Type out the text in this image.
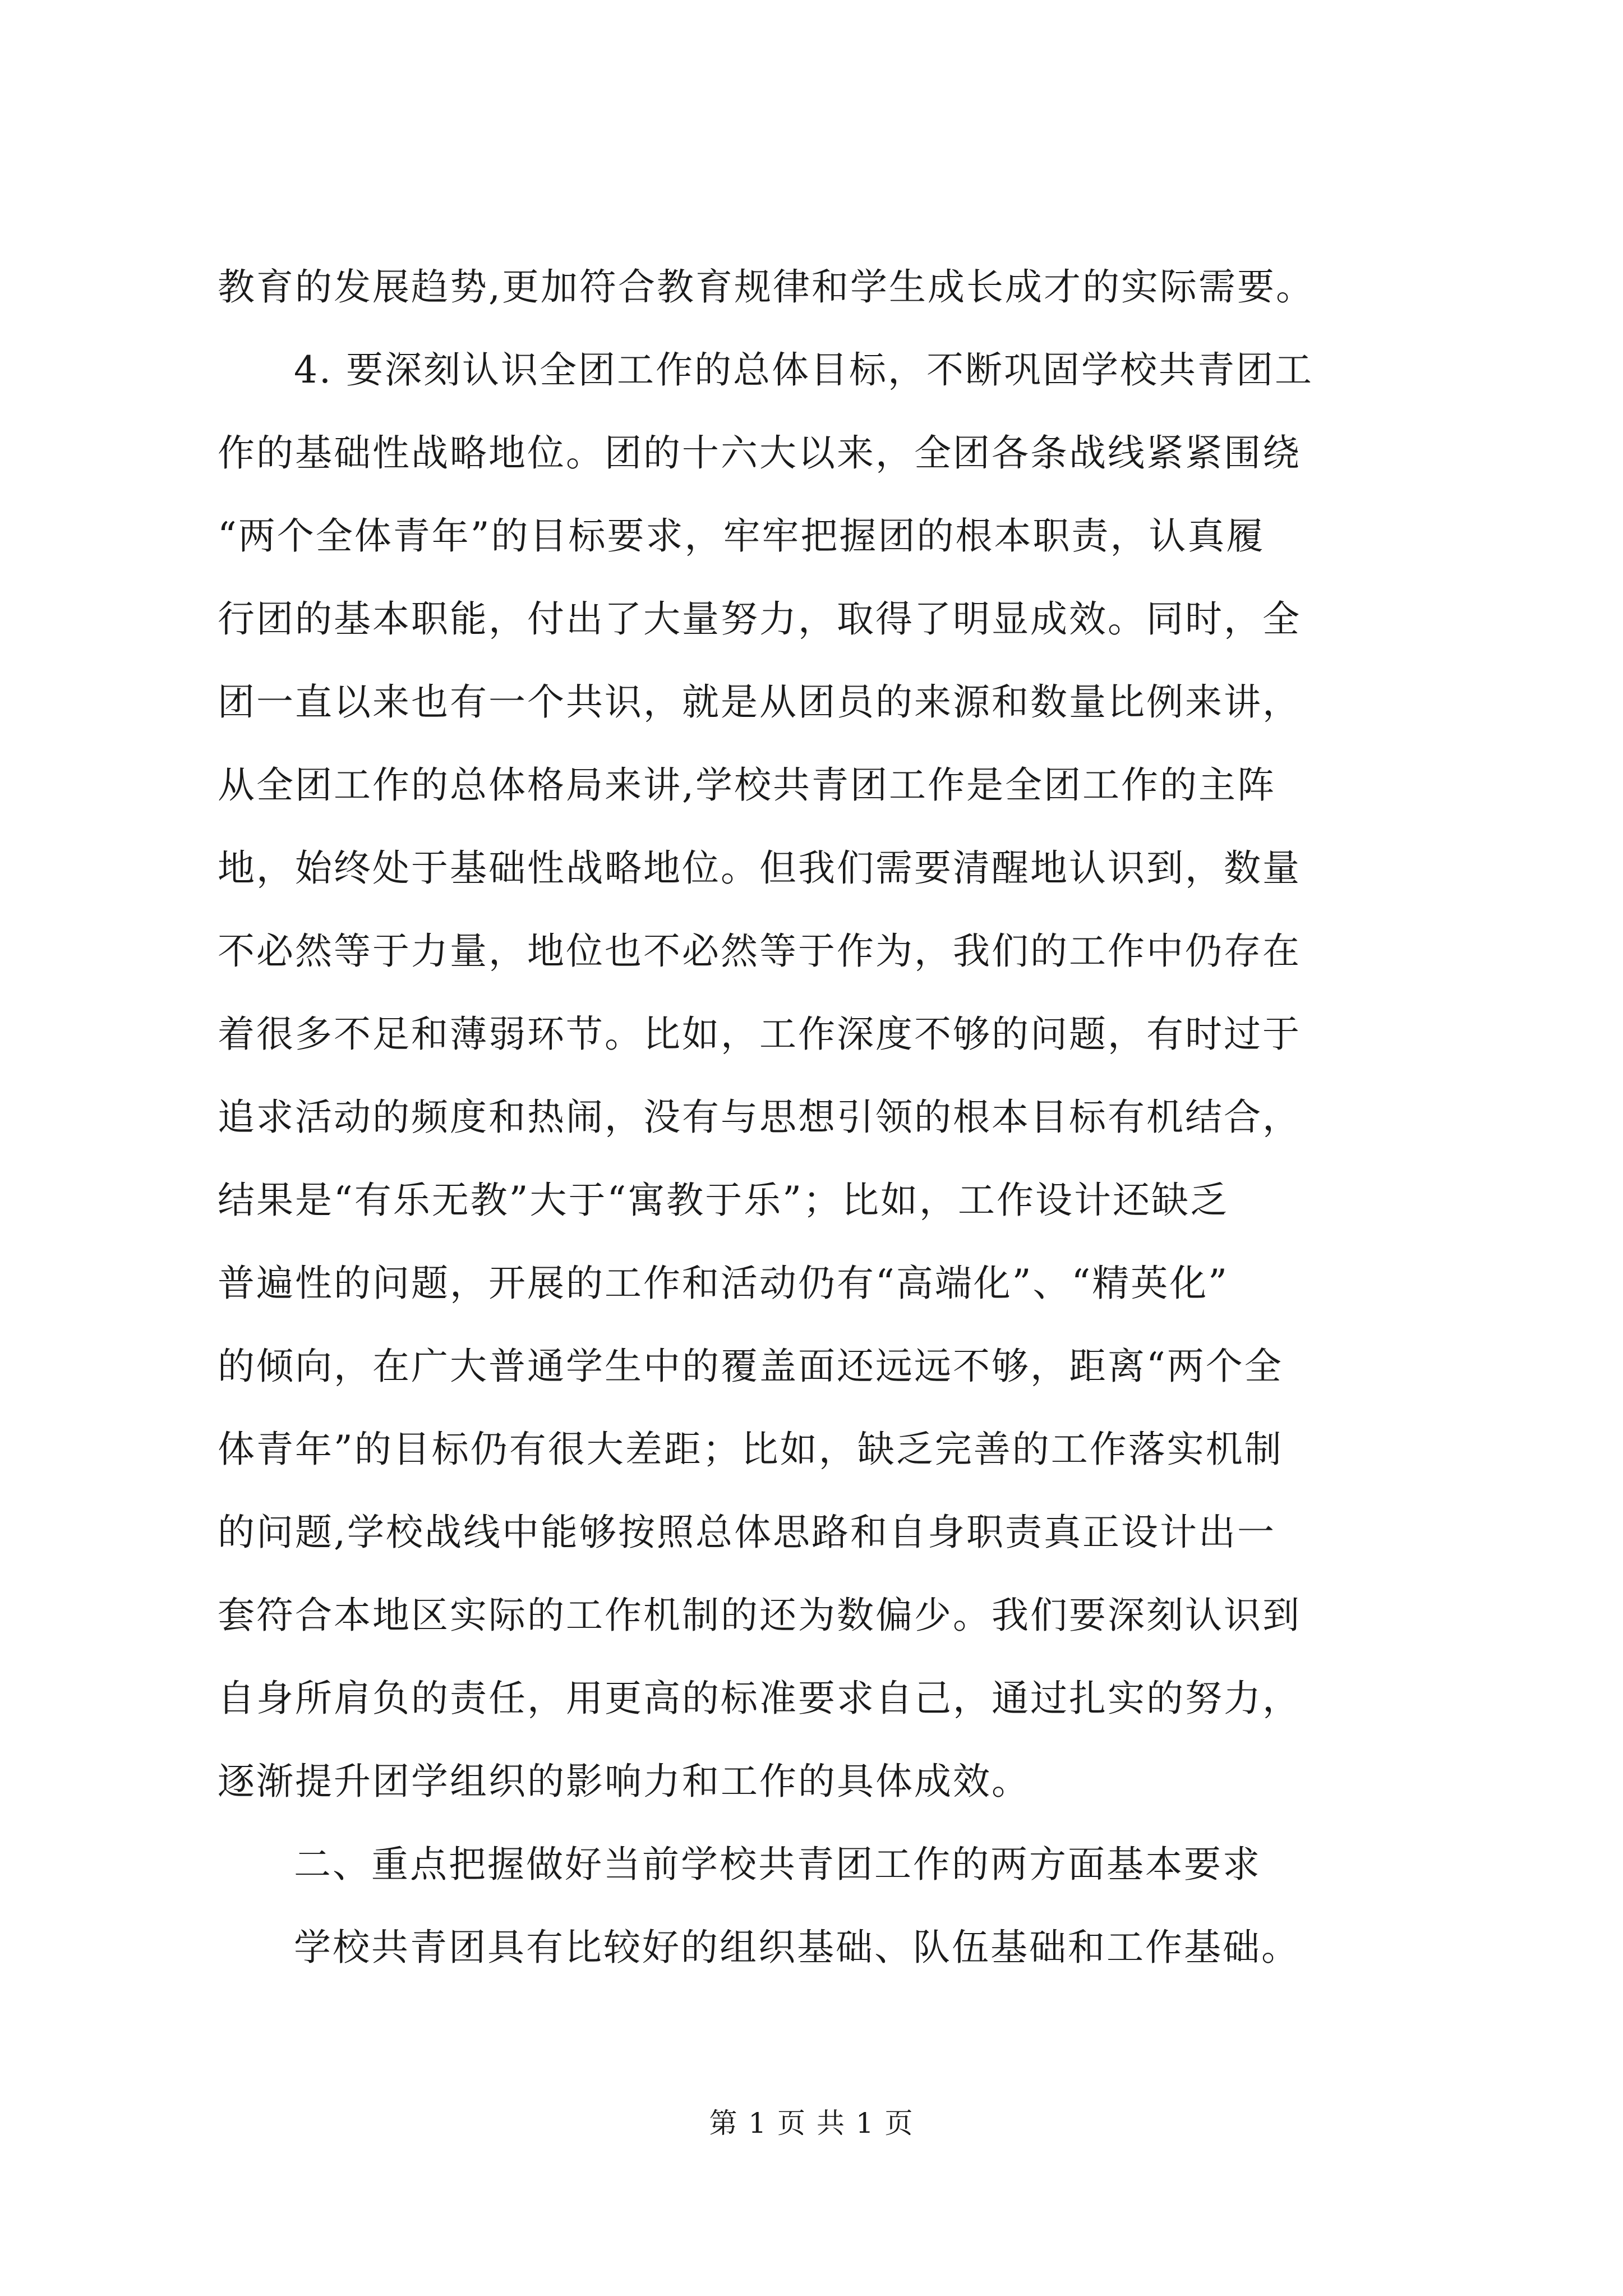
教育的发展趋势,更加符合教育规律和学生成长成才的实际需要。
4. 要深刻认识全团工作的总体目标，不断巩固学校共青团工
作的基础性战略地位。团的十六大以来，全团各条战线紧紧围绕
“两个全体青年”的目标要求，牢牢把握团的根本职责，认真履
行团的基本职能，付出了大量努力，取得了明显成效。同时，全
团一直以来也有一个共识，就是从团员的来源和数量比例来讲，
从全团工作的总体格局来讲,学校共青团工作是全团工作的主阵
地，始终处于基础性战略地位。但我们需要清醒地认识到，数量
不必然等于力量，地位也不必然等于作为，我们的工作中仍存在
着很多不足和薄弱环节。比如，工作深度不够的问题，有时过于
追求活动的频度和热闹，没有与思想引领的根本目标有机结合，
结果是“有乐无教”大于“寓教于乐”；比如，工作设计还缺乏
普遍性的问题，开展的工作和活动仍有“高端化”、“精英化”
的倾向，在广大普通学生中的覆盖面还远远不够，距离“两个全
体青年”的目标仍有很大差距；比如，缺乏完善的工作落实机制
的问题,学校战线中能够按照总体思路和自身职责真正设计出一
套符合本地区实际的工作机制的还为数偏少。我们要深刻认识到
自身所肩负的责任，用更高的标准要求自己，通过扎实的努力，
逐渐提升团学组织的影响力和工作的具体成效。
二、重点把握做好当前学校共青团工作的两方面基本要求
学校共青团具有比较好的组织基础、队伍基础和工作基础。
第 1 页 共 1 页
